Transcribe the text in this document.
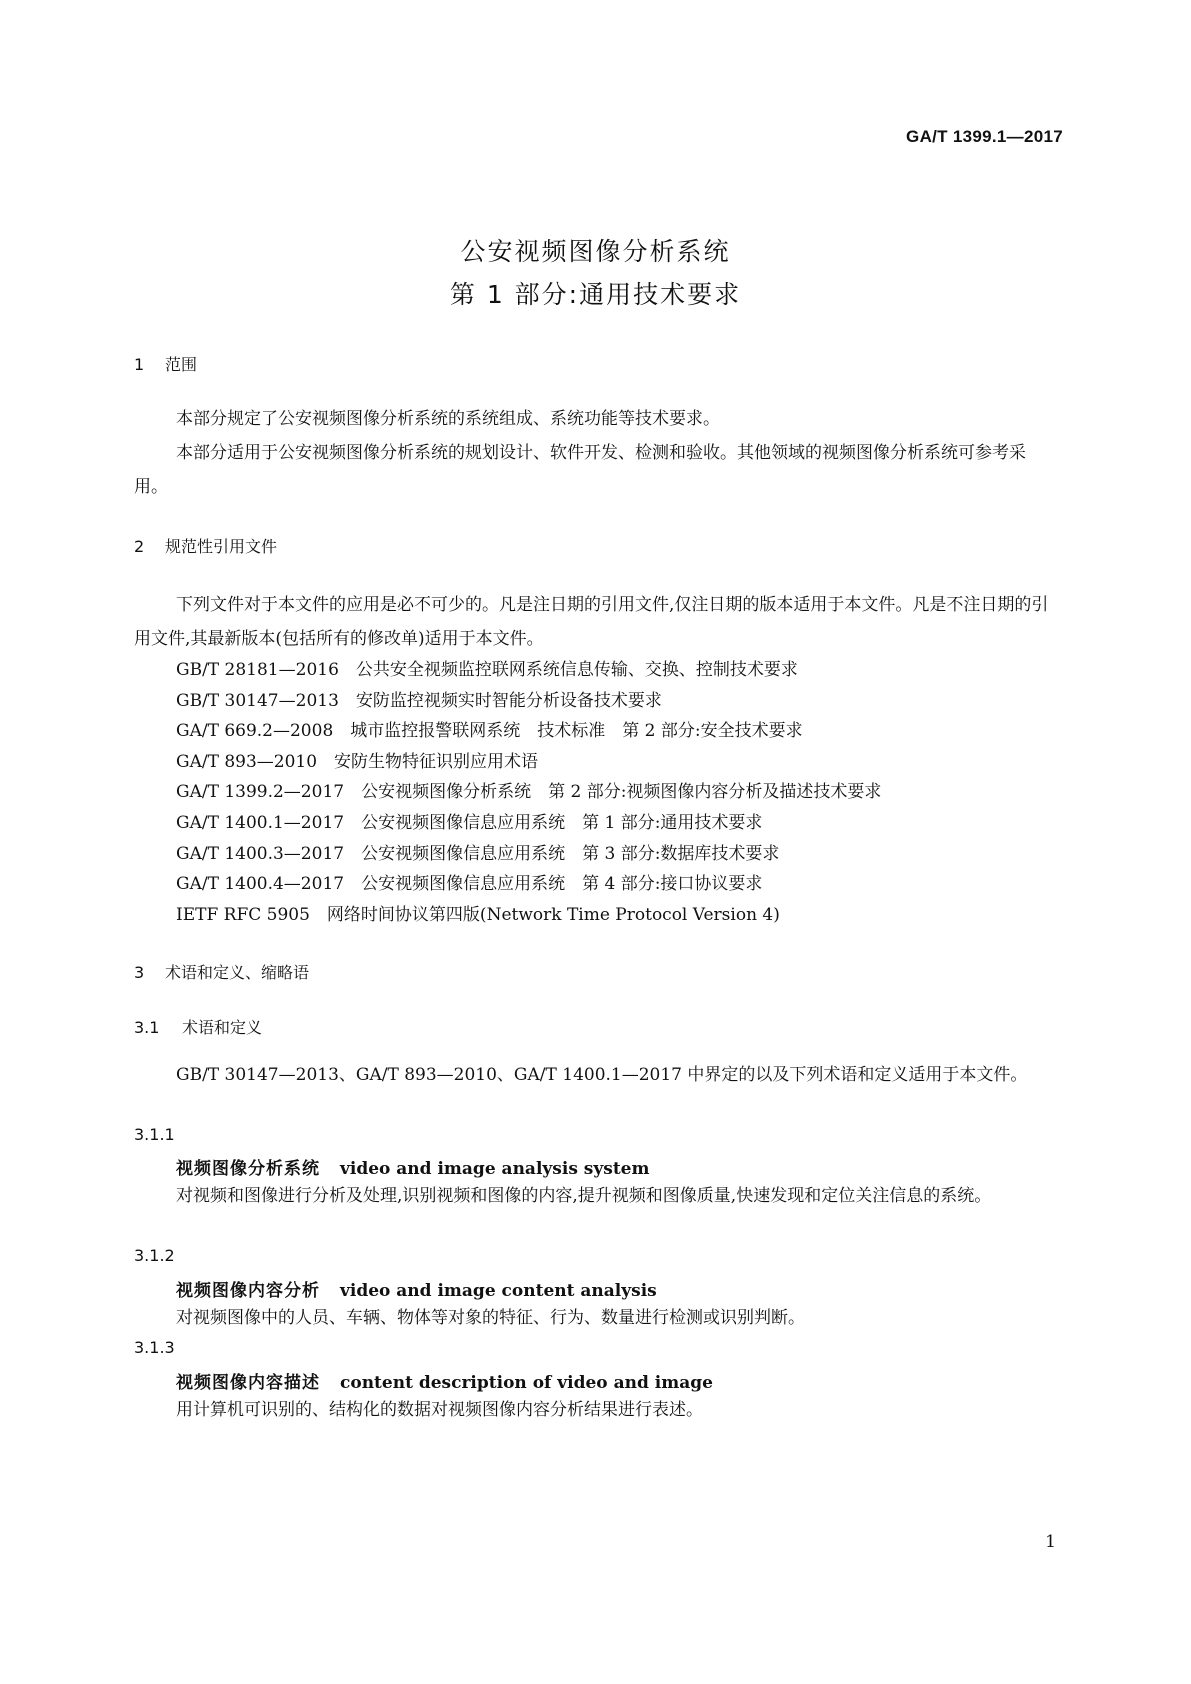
GA/T 1399.1—2017
公安视频图像分析系统
第 1 部分:通用技术要求
1 范围
本部分规定了公安视频图像分析系统的系统组成、系统功能等技术要求。
本部分适用于公安视频图像分析系统的规划设计、软件开发、检测和验收。其他领域的视频图像分析系统可参考采用。
2 规范性引用文件
下列文件对于本文件的应用是必不可少的。凡是注日期的引用文件,仅注日期的版本适用于本文件。凡是不注日期的引用文件,其最新版本(包括所有的修改单)适用于本文件。
GB/T 28181—2016　公共安全视频监控联网系统信息传输、交换、控制技术要求
GB/T 30147—2013　安防监控视频实时智能分析设备技术要求
GA/T 669.2—2008　城市监控报警联网系统　技术标准　第 2 部分:安全技术要求
GA/T 893—2010　安防生物特征识别应用术语
GA/T 1399.2—2017　公安视频图像分析系统　第 2 部分:视频图像内容分析及描述技术要求
GA/T 1400.1—2017　公安视频图像信息应用系统　第 1 部分:通用技术要求
GA/T 1400.3—2017　公安视频图像信息应用系统　第 3 部分:数据库技术要求
GA/T 1400.4—2017　公安视频图像信息应用系统　第 4 部分:接口协议要求
IETF RFC 5905　网络时间协议第四版(Network Time Protocol Version 4)
3 术语和定义、缩略语
3.1 术语和定义
GB/T 30147—2013、GA/T 893—2010、GA/T 1400.1—2017 中界定的以及下列术语和定义适用于本文件。
3.1.1
视频图像分析系统 video and image analysis system
对视频和图像进行分析及处理,识别视频和图像的内容,提升视频和图像质量,快速发现和定位关注信息的系统。
3.1.2
视频图像内容分析 video and image content analysis
对视频图像中的人员、车辆、物体等对象的特征、行为、数量进行检测或识别判断。
3.1.3
视频图像内容描述 content description of video and image
用计算机可识别的、结构化的数据对视频图像内容分析结果进行表述。
1
